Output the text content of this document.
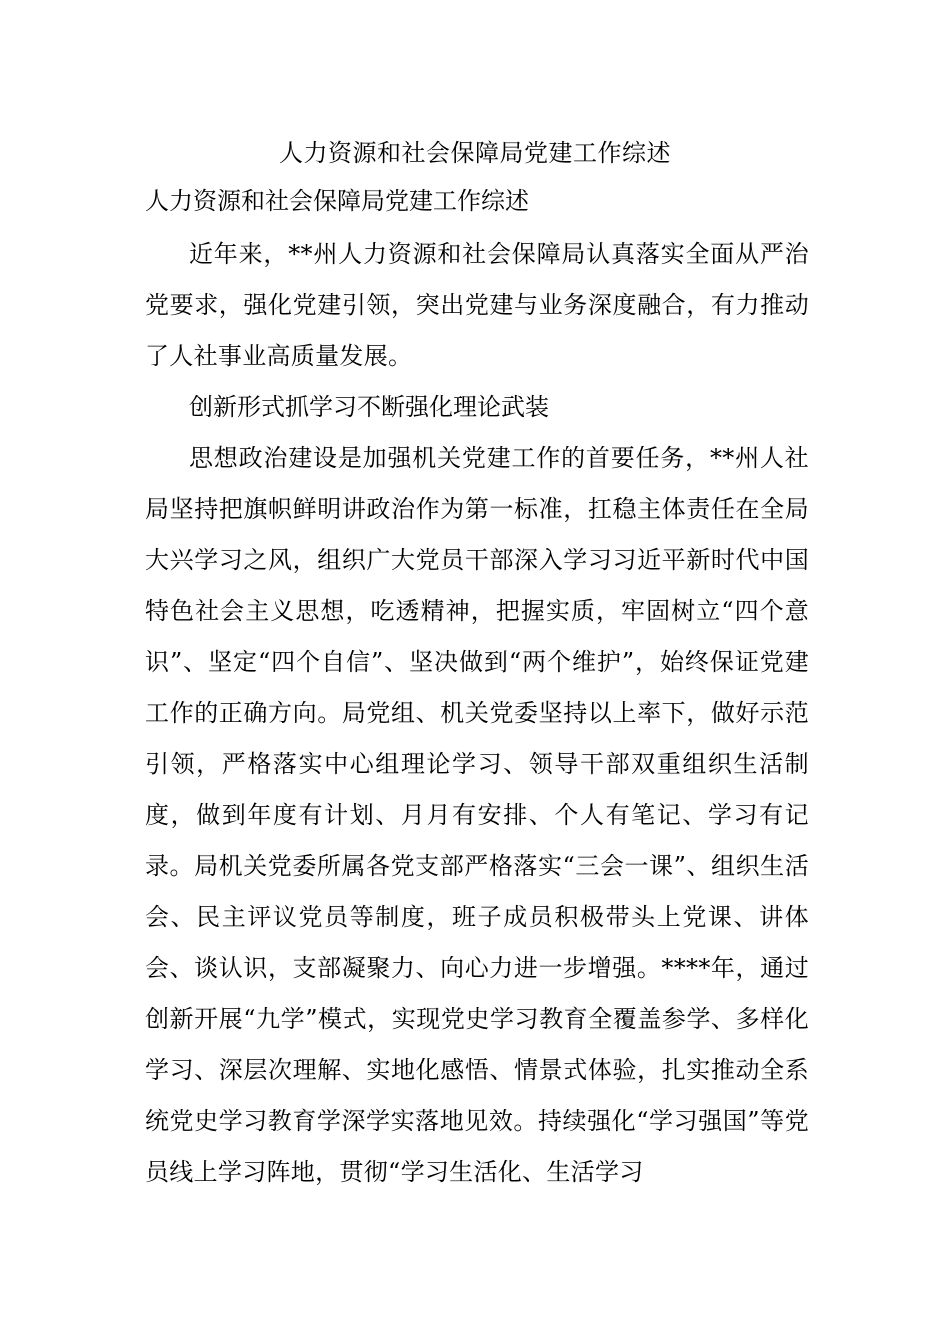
人力资源和社会保障局党建工作综述

人力资源和社会保障局党建工作综述

近年来，**州人力资源和社会保障局认真落实全面从严治党要求，强化党建引领，突出党建与业务深度融合，有力推动了人社事业高质量发展。

创新形式抓学习不断强化理论武装

思想政治建设是加强机关党建工作的首要任务，**州人社局坚持把旗帜鲜明讲政治作为第一标准，扛稳主体责任在全局大兴学习之风，组织广大党员干部深入学习习近平新时代中国特色社会主义思想，吃透精神，把握实质，牢固树立“四个意识”、坚定“四个自信”、坚决做到“两个维护”，始终保证党建工作的正确方向。局党组、机关党委坚持以上率下，做好示范引领，严格落实中心组理论学习、领导干部双重组织生活制度，做到年度有计划、月月有安排、个人有笔记、学习有记录。局机关党委所属各党支部严格落实“三会一课”、组织生活会、民主评议党员等制度，班子成员积极带头上党课、讲体会、谈认识，支部凝聚力、向心力进一步增强。****年，通过创新开展“九学”模式，实现党史学习教育全覆盖参学、多样化学习、深层次理解、实地化感悟、情景式体验，扎实推动全系统党史学习教育学深学实落地见效。持续强化“学习强国”等党员线上学习阵地，贯彻“学习生活化、生活学习
